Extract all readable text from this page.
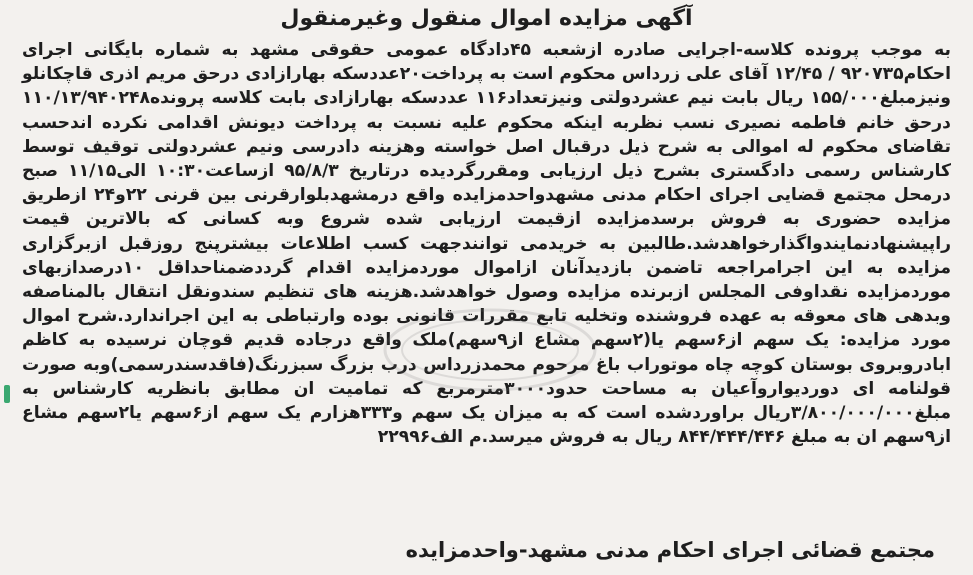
آگهی مزایده اموال منقول وغیرمنقول

به موجب پرونده کلاسه-اجرایی صادره ازشعبه ۴۵دادگاه عمومی حقوقی مشهد به شماره بایگانی اجرای احکام۹۲۰۷۳۵ / ۱۲/۴۵ آقای علی زرداس محکوم است به پرداخت۲۰عددسکه بهارازادی درحق مریم اذری قاچکانلو ونیزمبلغ۱۵۵/۰۰۰ ریال بابت نیم عشردولتی ونیزتعداد۱۱۶ عددسکه بهارازادی بابت کلاسه پرونده۱۱۰/۱۳/۹۴۰۲۴۸ درحق خانم فاطمه نصیری نسب نظربه اینکه محکوم علیه نسبت به پرداخت دیونش اقدامی نکرده اندحسب تقاضای محکوم له اموالی به شرح ذیل درقبال اصل خواسته وهزینه دادرسی ونیم عشردولتی توقیف توسط کارشناس رسمی دادگستری بشرح ذیل ارزیابی ومقررگردیده درتاریخ ۹۵/۸/۳ ازساعت۱۰:۳۰ الی۱۱/۱۵ صبح درمحل مجتمع قضایی اجرای احکام مدنی مشهدواحدمزایده واقع درمشهدبلوارقرنی بین قرنی ۲۲و۲۴ ازطریق مزایده حضوری به فروش برسدمزایده ازقیمت ارزیابی شده شروع وبه کسانی که بالاترین قیمت راپیشنهادنمایندواگذارخواهدشد.طالبین به خریدمی توانندجهت کسب اطلاعات بیشترپنج روزقبل ازبرگزاری مزایده به این اجرامراجعه تاضمن بازدیدآنان ازاموال موردمزایده اقدام گرددضمناحداقل ۱۰درصدازبهای موردمزایده نقداوفی المجلس ازبرنده مزایده وصول خواهدشد.هزینه های تنظیم سندونقل انتقال بالمناصفه وبدهی های معوقه به عهده فروشنده وتخلیه تابع مقررات قانونی بوده وارتباطی به این اجراندارد.شرح اموال مورد مزایده: یک سهم از۶سهم یا(۲سهم مشاع از۹سهم)ملک واقع درجاده قدیم قوچان نرسیده به کاظم ابادروبروی بوستان کوچه چاه موتوراب باغ مرحوم محمدزرداس درب بزرگ سبزرنگ(فاقدسندرسمی)وبه صورت قولنامه ای دوردیواروآعیان به مساحت حدود۳۰۰۰مترمربع که تمامیت ان مطابق بانظریه کارشناس به مبلغ۳/۸۰۰/۰۰۰/۰۰۰ریال براوردشده است که به میزان یک سهم و۳۳۳هزارم یک سهم از۶سهم یا۲سهم مشاع از۹سهم ان به مبلغ ۸۴۴/۴۴۴/۴۴۶ ریال به فروش میرسد.م الف۲۲۹۹۶

مجتمع قضائی اجرای احکام مدنی مشهد-واحدمزایده
